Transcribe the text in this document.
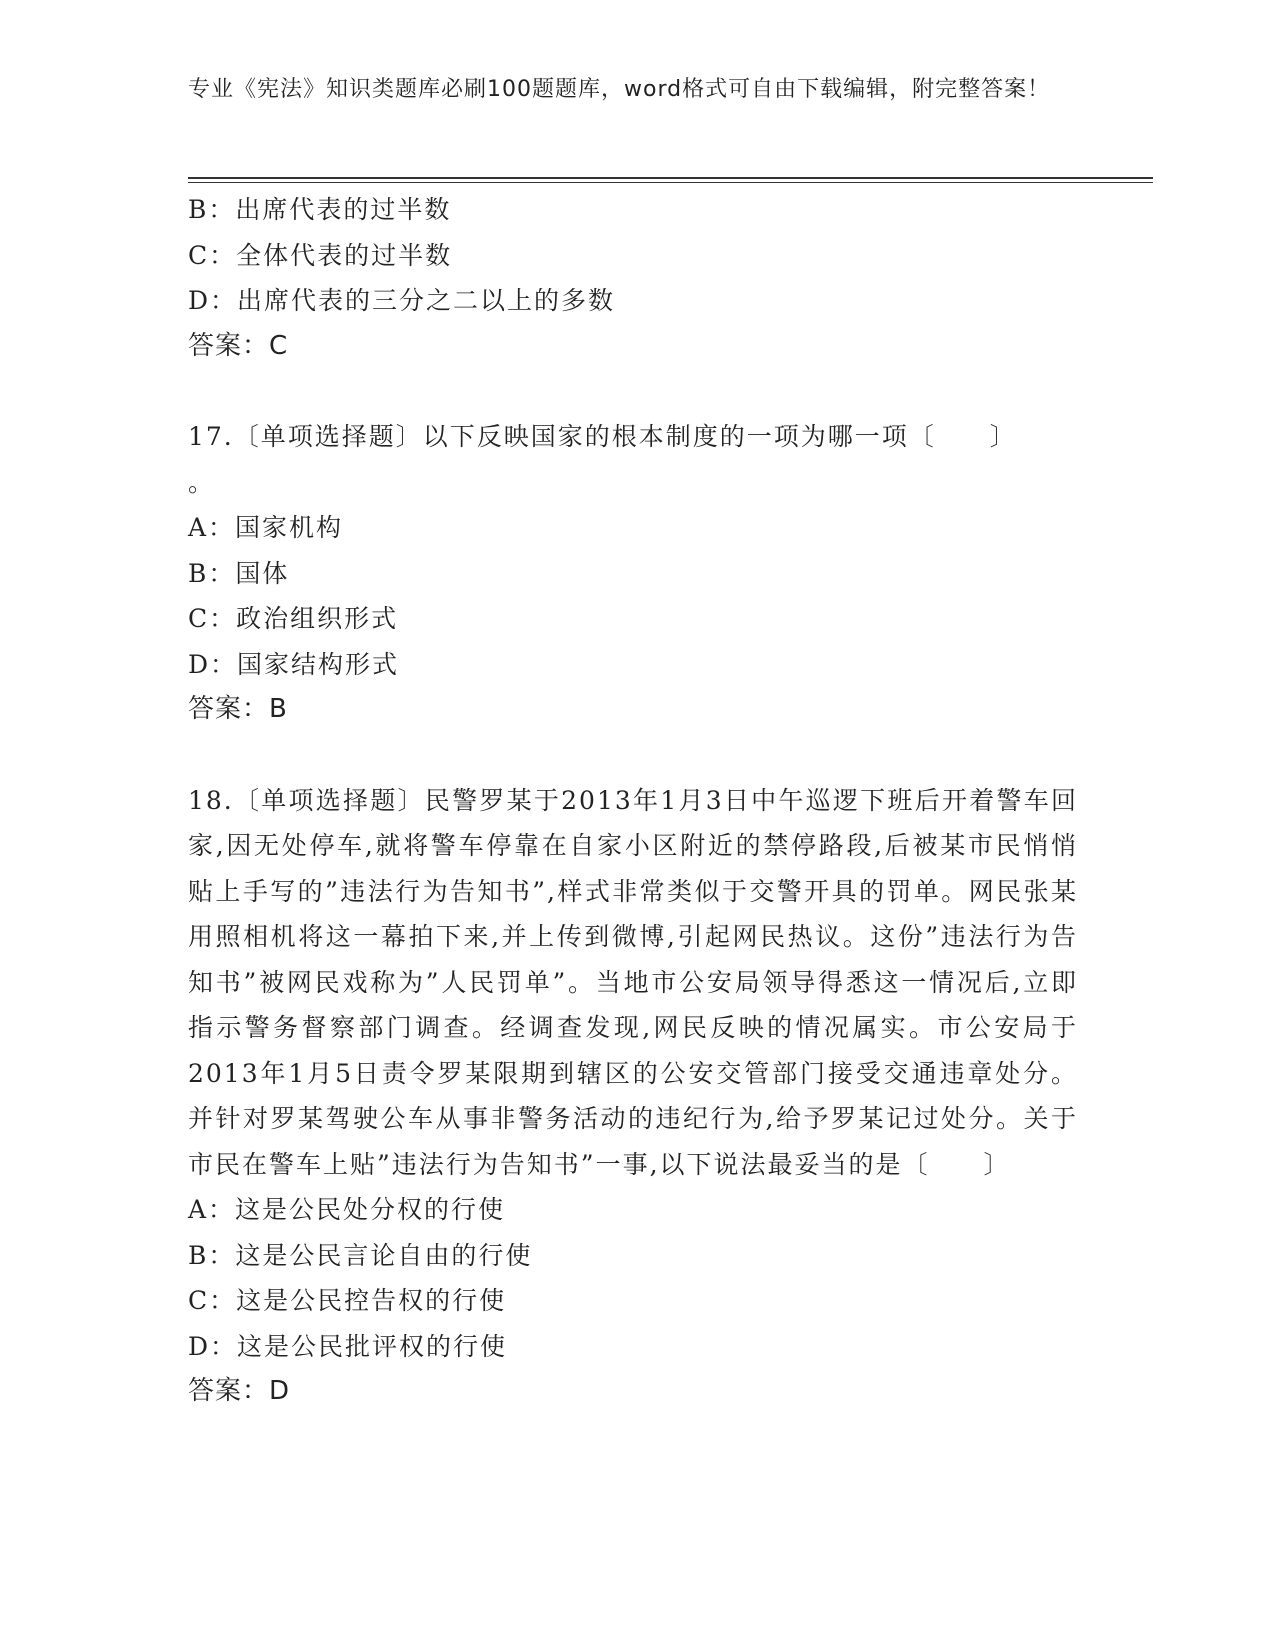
专业《宪法》知识类题库必刷100题题库，word格式可自由下载编辑，附完整答案！
B：出席代表的过半数
C：全体代表的过半数
D：出席代表的三分之二以上的多数
答案：C
17.〔单项选择题〕以下反映国家的根本制度的一项为哪一项〔　　〕
。
A：国家机构
B：国体
C：政治组织形式
D：国家结构形式
答案：B
18.〔单项选择题〕民警罗某于2013年1月3日中午巡逻下班后开着警车回家,因无处停车,就将警车停靠在自家小区附近的禁停路段,后被某市民悄悄贴上手写的”违法行为告知书”,样式非常类似于交警开具的罚单。网民张某用照相机将这一幕拍下来,并上传到微博,引起网民热议。这份”违法行为告知书”被网民戏称为”人民罚单”。当地市公安局领导得悉这一情况后,立即指示警务督察部门调查。经调查发现,网民反映的情况属实。市公安局于2013年1月5日责令罗某限期到辖区的公安交管部门接受交通违章处分。并针对罗某驾驶公车从事非警务活动的违纪行为,给予罗某记过处分。关于市民在警车上贴”违法行为告知书”一事,以下说法最妥当的是〔　　〕
A：这是公民处分权的行使
B：这是公民言论自由的行使
C：这是公民控告权的行使
D：这是公民批评权的行使
答案：D
